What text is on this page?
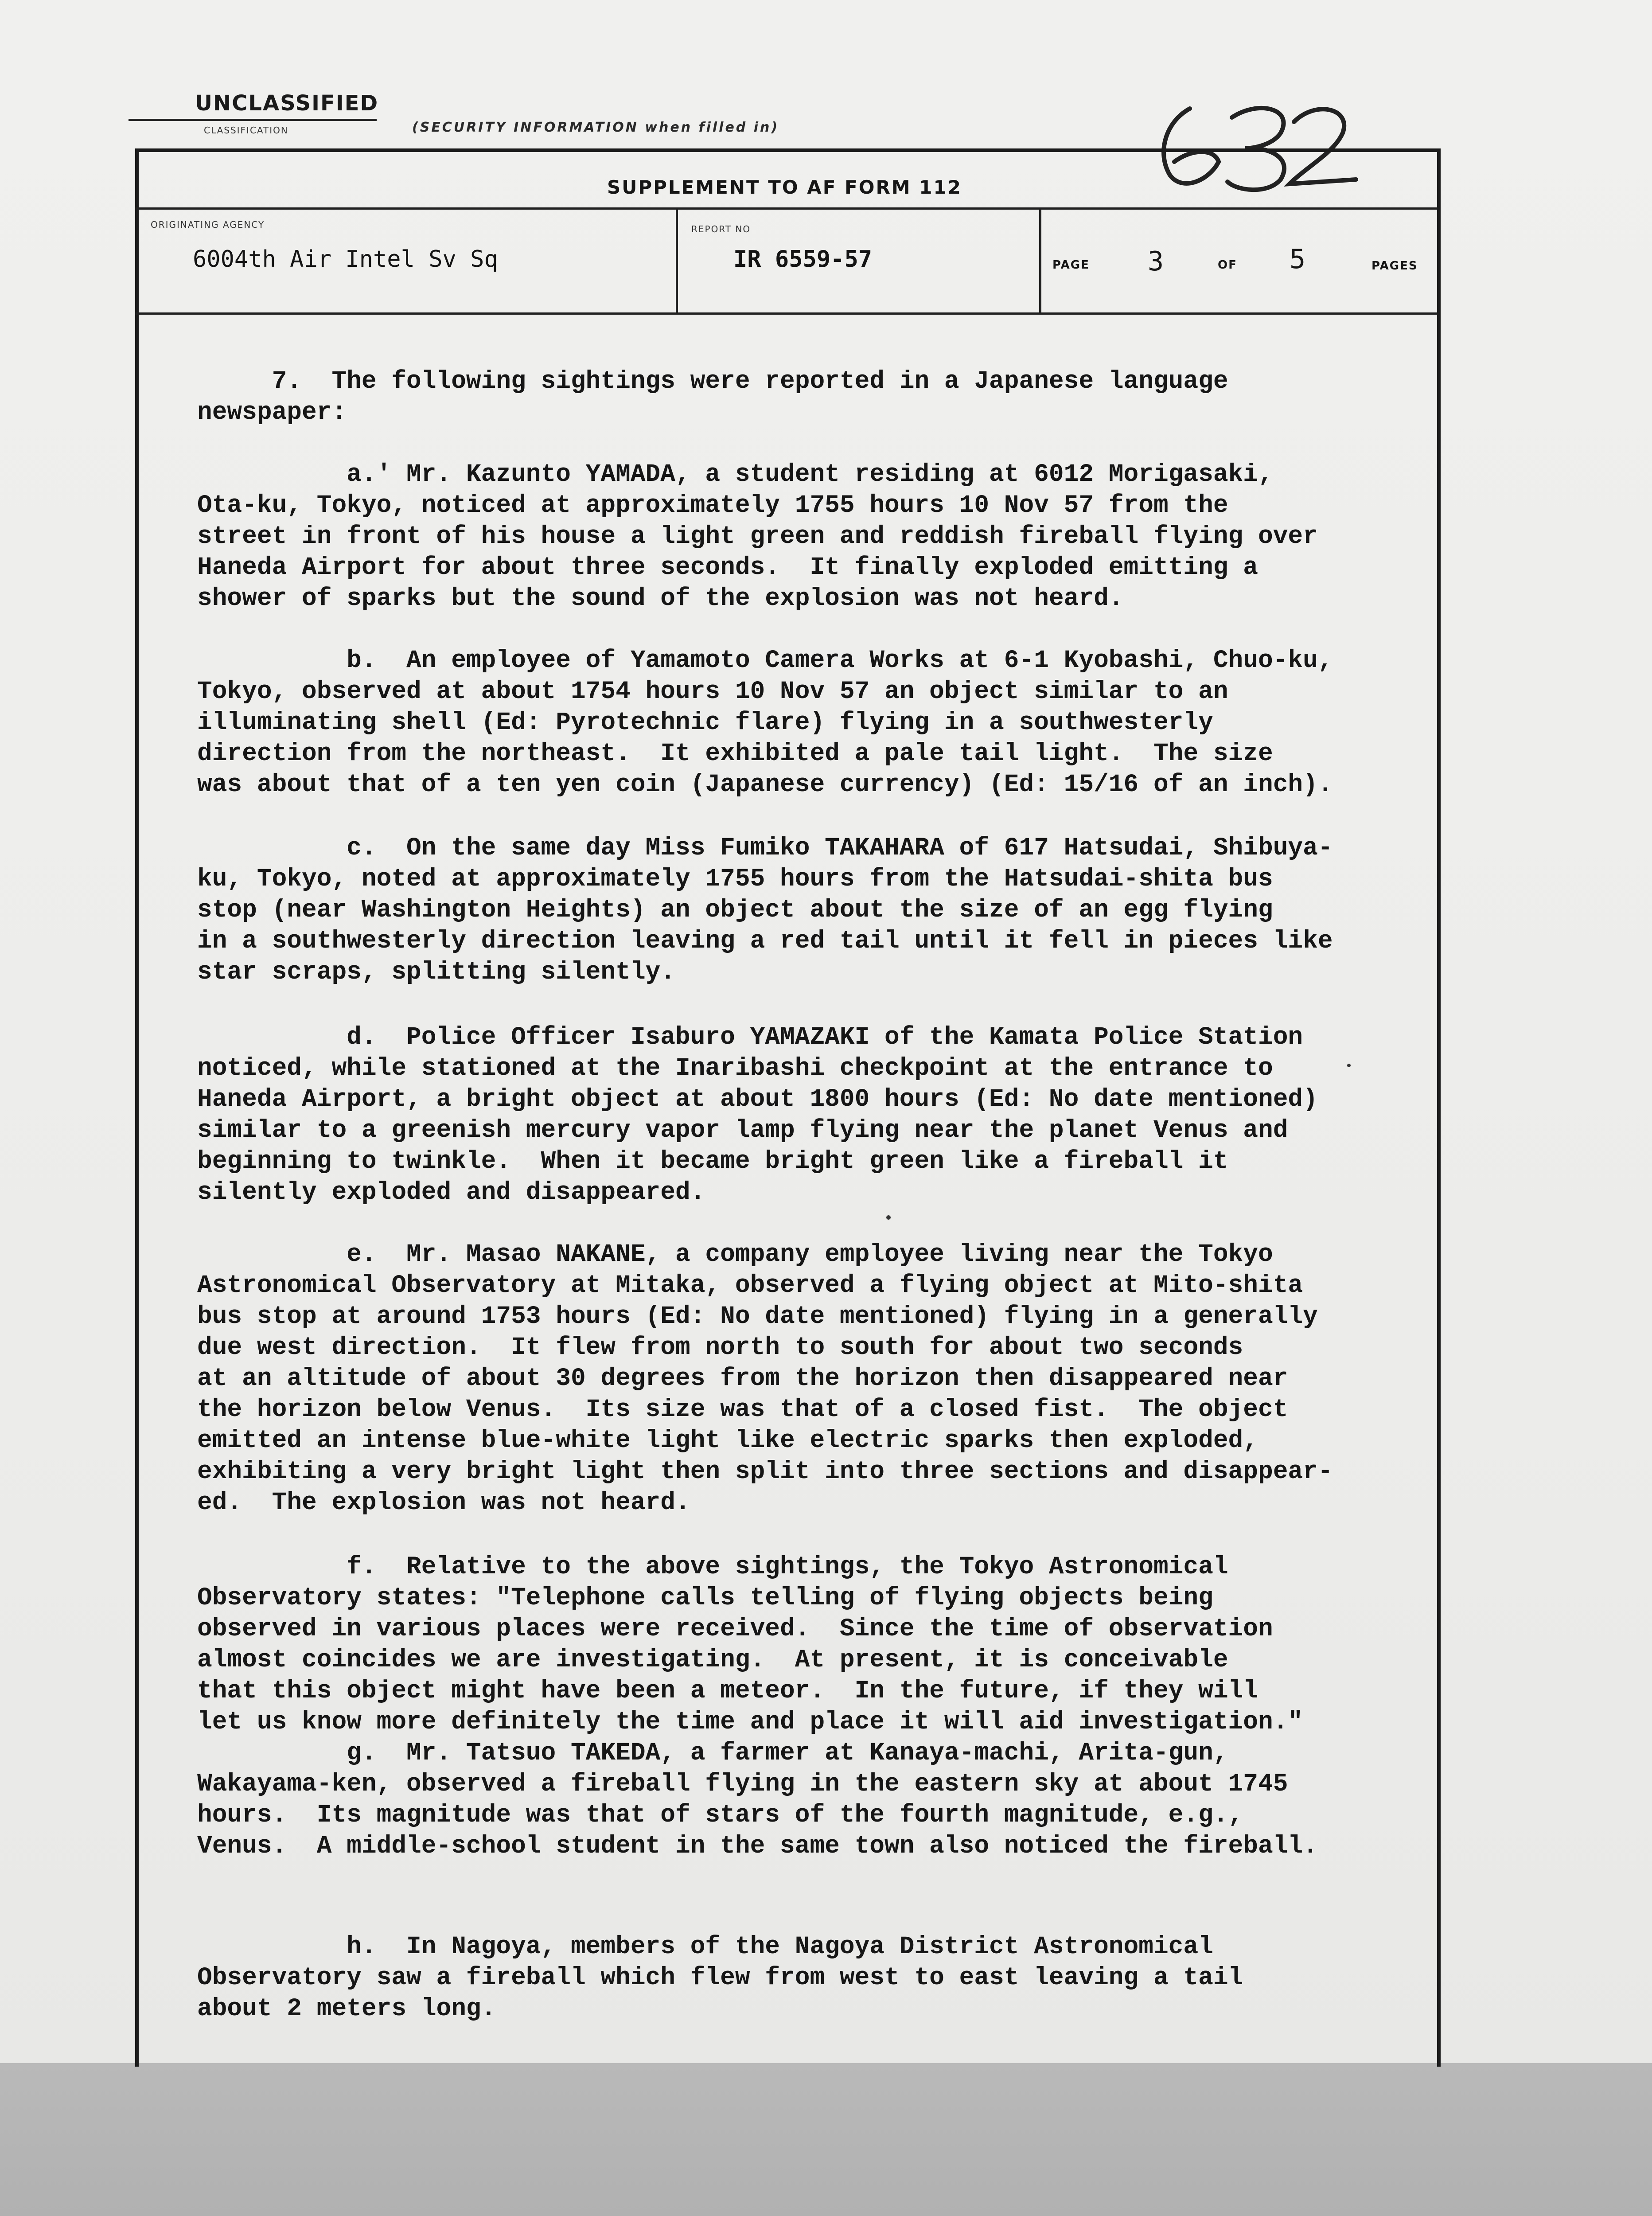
UNCLASSIFIED
CLASSIFICATION	(SECURITY INFORMATION when filled in)
SUPPLEMENT TO AF FORM 112
ORIGINATING AGENCY
6004th Air Intel Sv Sq
REPORT NO
IR 6559-57	PAGE 3	OF 5	PAGES
7.  The following sightings were reported in a Japanese language
newspaper:
a.' Mr. Kazunto YAMADA, a student residing at 6012 Morigasaki,
Ota-ku, Tokyo, noticed at approximately 1755 hours 10 Nov 57 from the
street in front of his house a light green and reddish fireball flying over
Haneda Airport for about three seconds.  It finally exploded emitting a
shower of sparks but the sound of the explosion was not heard.
b.  An employee of Yamamoto Camera Works at 6-1 Kyobashi, Chuo-ku,
Tokyo, observed at about 1754 hours 10 Nov 57 an object similar to an
illuminating shell (Ed: Pyrotechnic flare) flying in a southwesterly
direction from the northeast.  It exhibited a pale tail light.  The size
was about that of a ten yen coin (Japanese currency) (Ed: 15/16 of an inch).
c.  On the same day Miss Fumiko TAKAHARA of 617 Hatsudai, Shibuya-
ku, Tokyo, noted at approximately 1755 hours from the Hatsudai-shita bus
stop (near Washington Heights) an object about the size of an egg flying
in a southwesterly direction leaving a red tail until it fell in pieces like
star scraps, splitting silently.
d.  Police Officer Isaburo YAMAZAKI of the Kamata Police Station
noticed, while stationed at the Inaribashi checkpoint at the entrance to
Haneda Airport, a bright object at about 1800 hours (Ed: No date mentioned)
similar to a greenish mercury vapor lamp flying near the planet Venus and
beginning to twinkle.  When it became bright green like a fireball it
silently exploded and disappeared.
e.  Mr. Masao NAKANE, a company employee living near the Tokyo
Astronomical Observatory at Mitaka, observed a flying object at Mito-shita
bus stop at around 1753 hours (Ed: No date mentioned) flying in a generally
due west direction.  It flew from north to south for about two seconds
at an altitude of about 30 degrees from the horizon then disappeared near
the horizon below Venus.  Its size was that of a closed fist.  The object
emitted an intense blue-white light like electric sparks then exploded,
exhibiting a very bright light then split into three sections and disappear-
ed.  The explosion was not heard.
f.  Relative to the above sightings, the Tokyo Astronomical
Observatory states: "Telephone calls telling of flying objects being
observed in various places were received.  Since the time of observation
almost coincides we are investigating.  At present, it is conceivable
that this object might have been a meteor.  In the future, if they will
let us know more definitely the time and place it will aid investigation."
g.  Mr. Tatsuo TAKEDA, a farmer at Kanaya-machi, Arita-gun,
Wakayama-ken, observed a fireball flying in the eastern sky at about 1745
hours.  Its magnitude was that of stars of the fourth magnitude, e.g.,
Venus.  A middle-school student in the same town also noticed the fireball.
h.  In Nagoya, members of the Nagoya District Astronomical
Observatory saw a fireball which flew from west to east leaving a tail
about 2 meters long.
